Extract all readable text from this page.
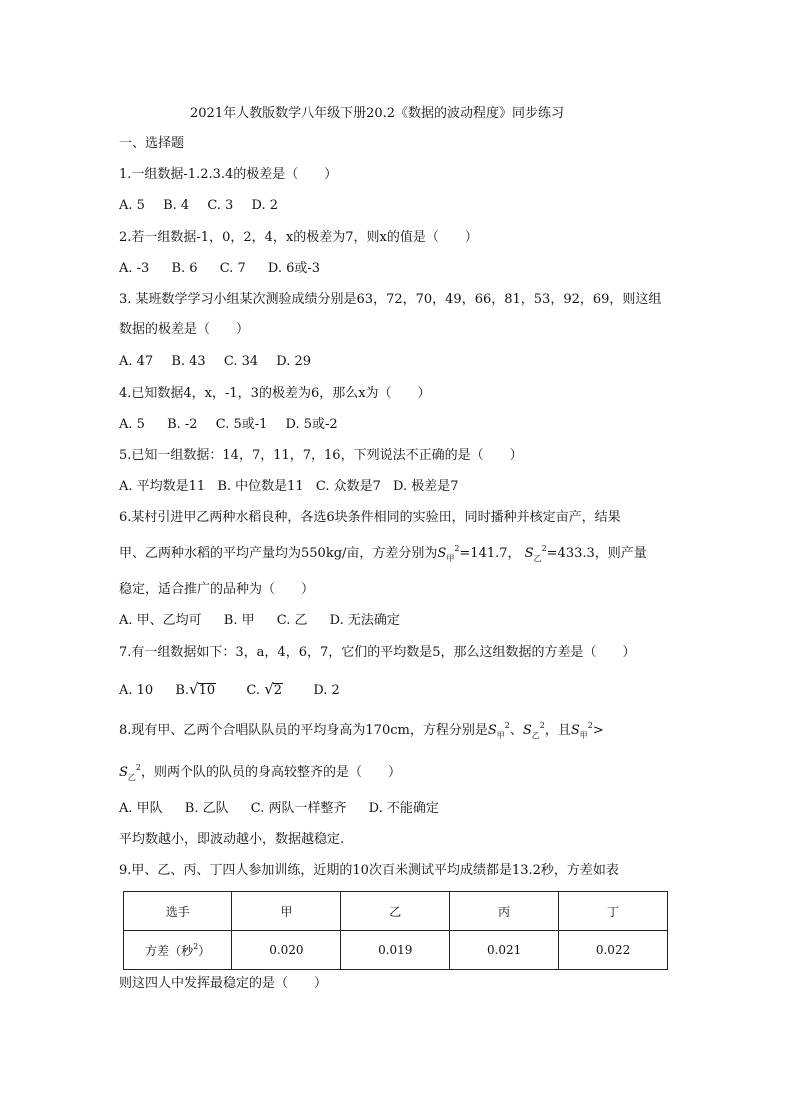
2021年人教版数学八年级下册20.2《数据的波动程度》同步练习
一、选择题
1.一组数据-1.2.3.4的极差是（　　）
A. 5 B. 4 C. 3 D. 2
2.若一组数据-1，0，2，4，x的极差为7，则x的值是（　　）
A. -3 B. 6 C. 7 D. 6或-3
3. 某班数学学习小组某次测验成绩分别是63，72，70，49，66，81，53，92，69，则这组
数据的极差是（　　）
A. 47 B. 43 C. 34 D. 29
4.已知数据4，x，-1，3的极差为6，那么x为（　　）
A. 5 B. -2 C. 5或-1 D. 5或-2
5.已知一组数据：14，7，11，7，16，下列说法不正确的是（　　）
A. 平均数是11 B. 中位数是11 C. 众数是7 D. 极差是7
6.某村引进甲乙两种水稻良种，各选6块条件相同的实验田，同时播种并核定亩产，结果
甲、乙两种水稻的平均产量均为550kg/亩，方差分别为$S_甲^2=141.7$， $S_乙^2=433.3$，则产量
稳定，适合推广的品种为（　　）
A. 甲、乙均可 B. 甲 C. 乙 D. 无法确定
7.有一组数据如下：3，a，4，6，7，它们的平均数是5，那么这组数据的方差是（　　）
A. 10 B.√10 C. √2 D. 2
8.现有甲、乙两个合唱队队员的平均身高为170cm，方程分别是$S_甲^2$、$S_乙^2$，且$S_甲^2>$
$S_乙^2$，则两个队的队员的身高较整齐的是（　　）
A. 甲队 B. 乙队 C. 两队一样整齐 D. 不能确定
平均数越小，即波动越小，数据越稳定.
9.甲、乙、丙、丁四人参加训练，近期的10次百米测试平均成绩都是13.2秒，方差如表
选手	甲	乙	丙	丁
方差（秒$^2$）	0.020	0.019	0.021	0.022
则这四人中发挥最稳定的是（　　）
